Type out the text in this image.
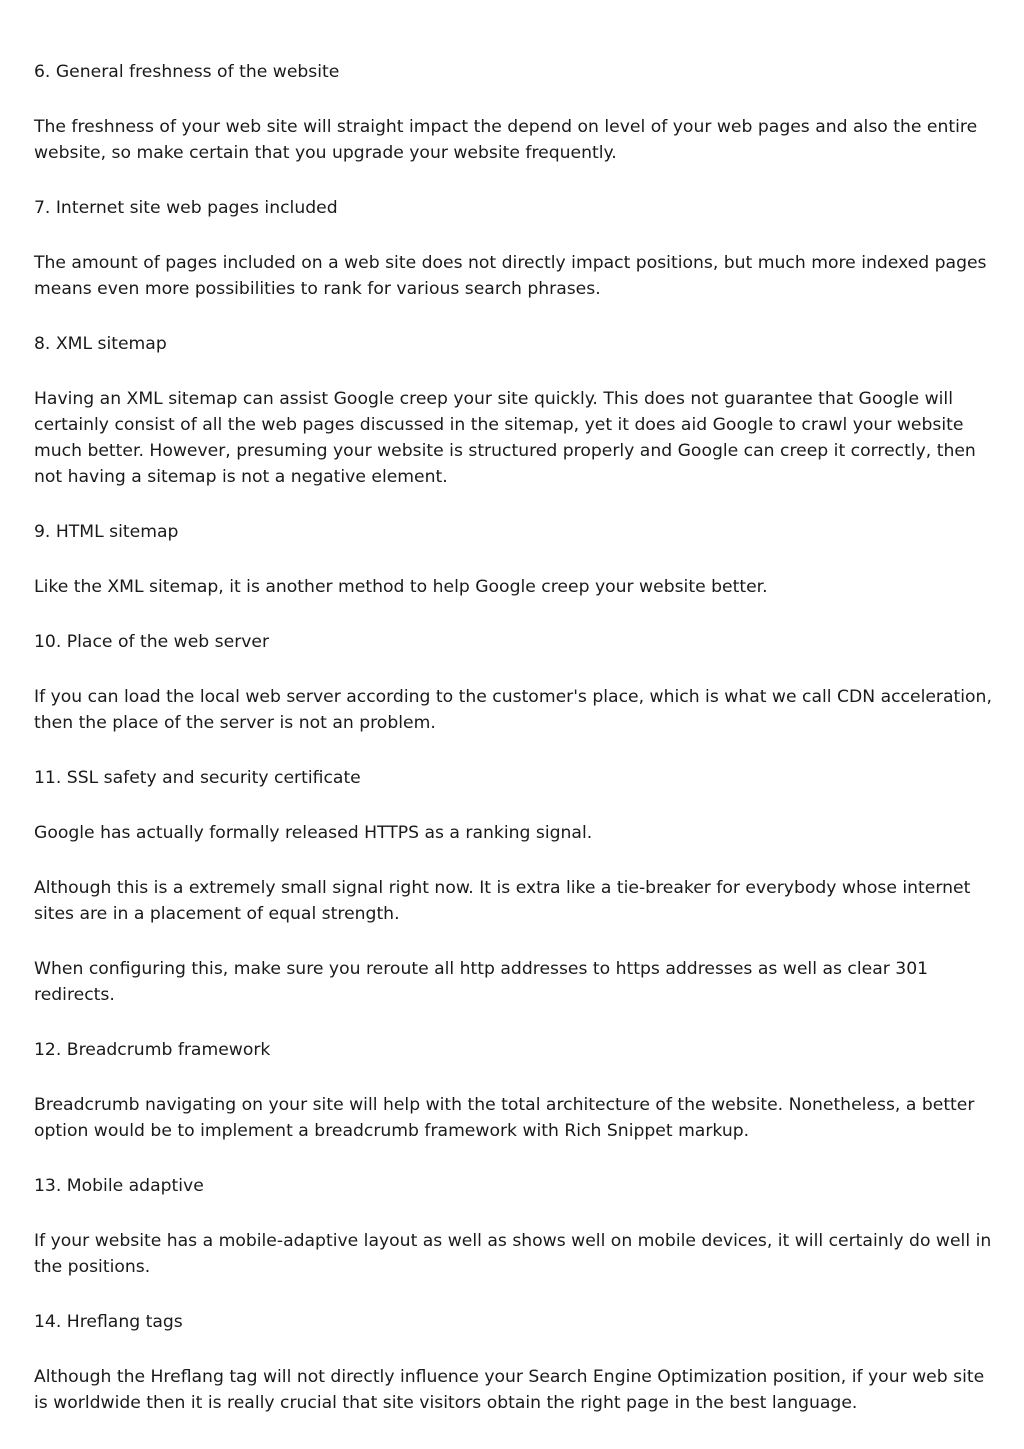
6. General freshness of the website

The freshness of your web site will straight impact the depend on level of your web pages and also the entire website, so make certain that you upgrade your website frequently.

7. Internet site web pages included

The amount of pages included on a web site does not directly impact positions, but much more indexed pages means even more possibilities to rank for various search phrases.

8. XML sitemap

Having an XML sitemap can assist Google creep your site quickly. This does not guarantee that Google will certainly consist of all the web pages discussed in the sitemap, yet it does aid Google to crawl your website much better. However, presuming your website is structured properly and Google can creep it correctly, then not having a sitemap is not a negative element.

9. HTML sitemap

Like the XML sitemap, it is another method to help Google creep your website better.

10. Place of the web server

If you can load the local web server according to the customer's place, which is what we call CDN acceleration, then the place of the server is not an problem.

11. SSL safety and security certificate

Google has actually formally released HTTPS as a ranking signal.

Although this is a extremely small signal right now. It is extra like a tie-breaker for everybody whose internet sites are in a placement of equal strength.

When configuring this, make sure you reroute all http addresses to https addresses as well as clear 301 redirects.

12. Breadcrumb framework

Breadcrumb navigating on your site will help with the total architecture of the website. Nonetheless, a better option would be to implement a breadcrumb framework with Rich Snippet markup.

13. Mobile adaptive

If your website has a mobile-adaptive layout as well as shows well on mobile devices, it will certainly do well in the positions.

14. Hreflang tags

Although the Hreflang tag will not directly influence your Search Engine Optimization position, if your web site is worldwide then it is really crucial that site visitors obtain the right page in the best language.
